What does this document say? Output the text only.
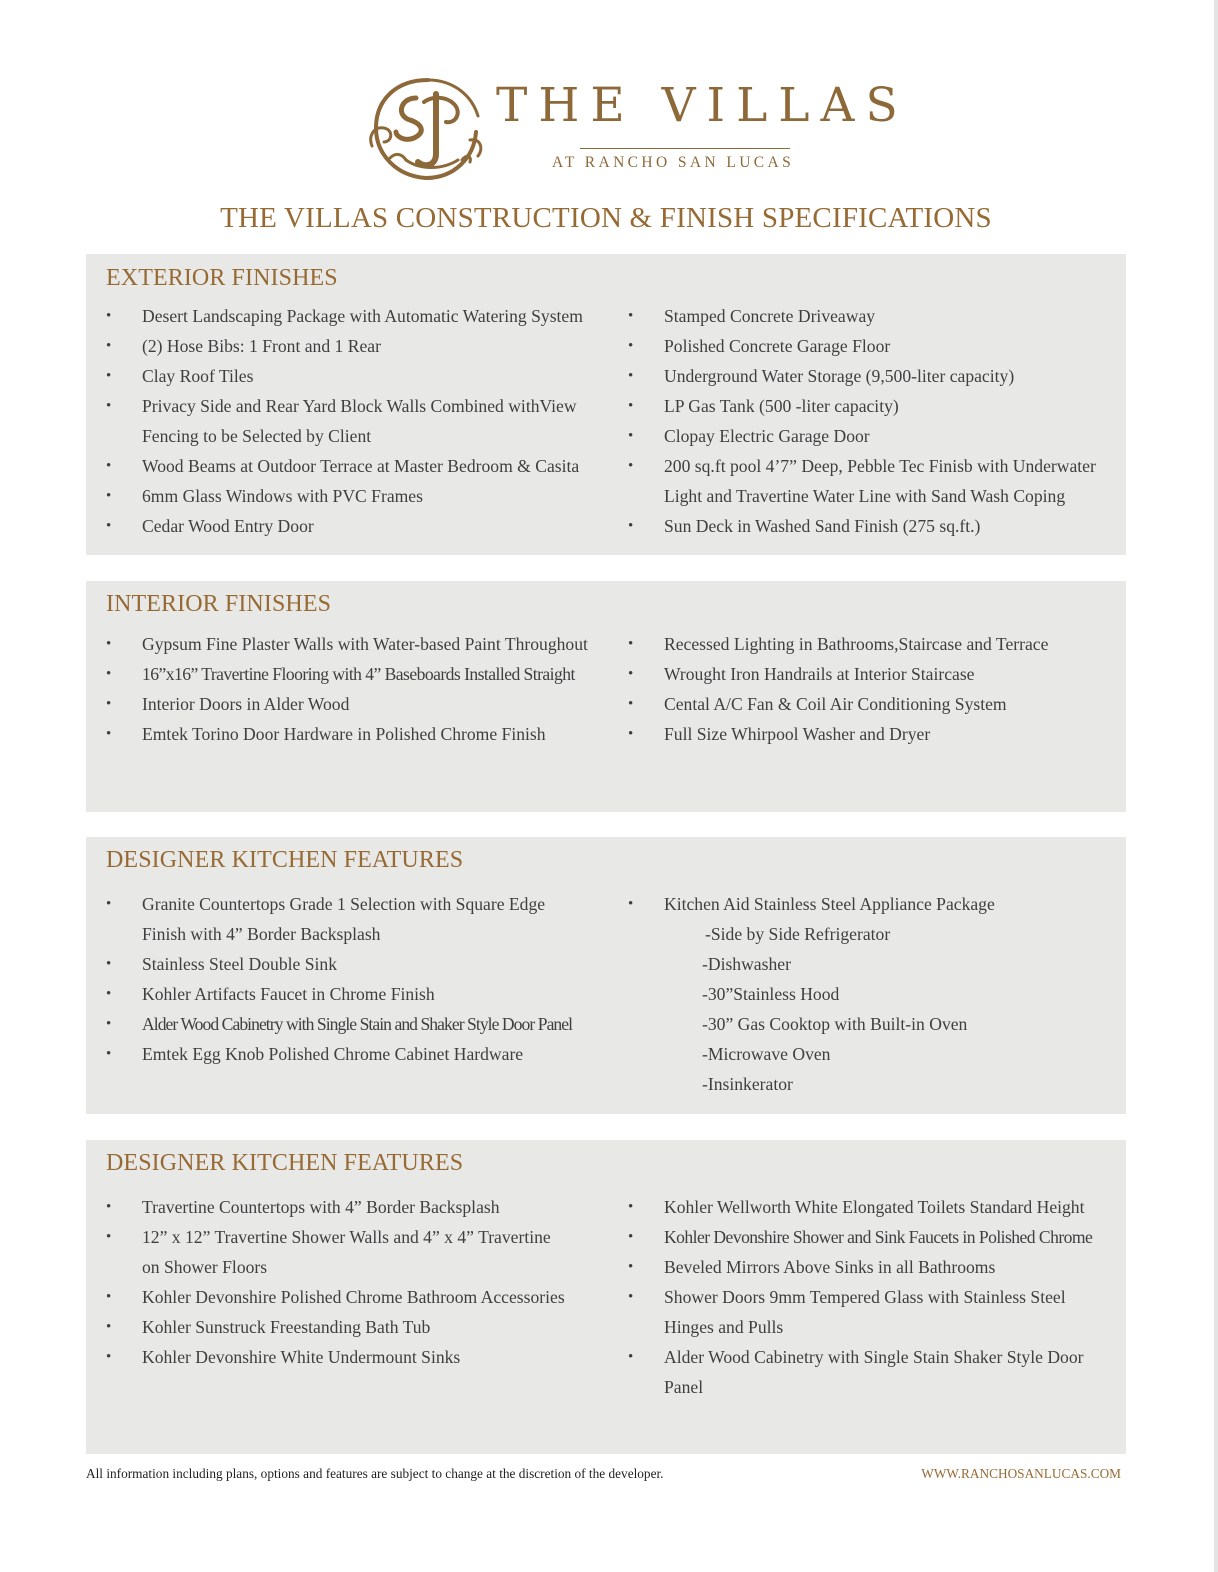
THE VILLAS
AT RANCHO SAN LUCAS
THE VILLAS CONSTRUCTION & FINISH SPECIFICATIONS
EXTERIOR FINISHES
• Desert Landscaping Package with Automatic Watering System
• (2) Hose Bibs: 1 Front and 1 Rear
• Clay Roof Tiles
• Privacy Side and Rear Yard Block Walls Combined withView
Fencing to be Selected by Client
• Wood Beams at Outdoor Terrace at Master Bedroom & Casita
• 6mm Glass Windows with PVC Frames
• Cedar Wood Entry Door
• Stamped Concrete Driveaway
• Polished Concrete Garage Floor
• Underground Water Storage (9,500-liter capacity)
• LP Gas Tank (500 -liter capacity)
• Clopay Electric Garage Door
• 200 sq.ft pool 4’7” Deep, Pebble Tec Finisb with Underwater
Light and Travertine Water Line with Sand Wash Coping
• Sun Deck in Washed Sand Finish (275 sq.ft.)
INTERIOR FINISHES
• Gypsum Fine Plaster Walls with Water-based Paint Throughout
• 16”x16” Travertine Flooring with 4” Baseboards Installed Straight
• Interior Doors in Alder Wood
• Emtek Torino Door Hardware in Polished Chrome Finish
• Recessed Lighting in Bathrooms,Staircase and Terrace
• Wrought Iron Handrails at Interior Staircase
• Cental A/C Fan & Coil Air Conditioning System
• Full Size Whirpool Washer and Dryer
DESIGNER KITCHEN FEATURES
• Granite Countertops Grade 1 Selection with Square Edge
Finish with 4” Border Backsplash
• Stainless Steel Double Sink
• Kohler Artifacts Faucet in Chrome Finish
• Alder Wood Cabinetry with Single Stain and Shaker Style Door Panel
• Emtek Egg Knob Polished Chrome Cabinet Hardware
• Kitchen Aid Stainless Steel Appliance Package
-Side by Side Refrigerator
-Dishwasher
-30”Stainless Hood
-30” Gas Cooktop with Built-in Oven
-Microwave Oven
-Insinkerator
DESIGNER KITCHEN FEATURES
• Travertine Countertops with 4” Border Backsplash
• 12” x 12” Travertine Shower Walls and 4” x 4” Travertine
on Shower Floors
• Kohler Devonshire Polished Chrome Bathroom Accessories
• Kohler Sunstruck Freestanding Bath Tub
• Kohler Devonshire White Undermount Sinks
• Kohler Wellworth White Elongated Toilets Standard Height
• Kohler Devonshire Shower and Sink Faucets in Polished Chrome
• Beveled Mirrors Above Sinks in all Bathrooms
• Shower Doors 9mm Tempered Glass with Stainless Steel
Hinges and Pulls
• Alder Wood Cabinetry with Single Stain Shaker Style Door
Panel
All information including plans, options and features are subject to change at the discretion of the developer.	WWW.RANCHOSANLUCAS.COM
